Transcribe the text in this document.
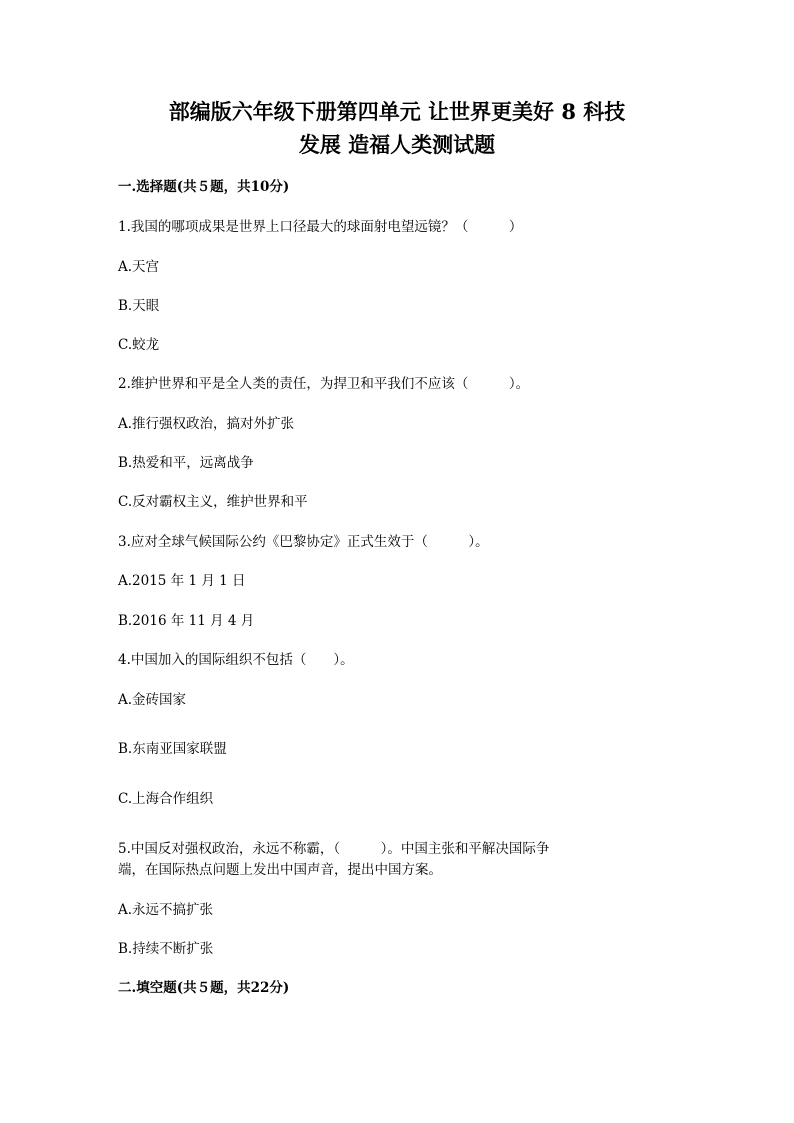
部编版六年级下册第四单元 让世界更美好 8 科技
发展 造福人类测试题
一.选择题(共５题，共10分)
1.我国的哪项成果是世界上口径最大的球面射电望远镜？（　　　）
A.天宫
B.天眼
C.蛟龙
2.维护世界和平是全人类的责任，为捍卫和平我们不应该（　　　）。
A.推行强权政治，搞对外扩张
B.热爱和平，远离战争
C.反对霸权主义，维护世界和平
3.应对全球气候国际公约《巴黎协定》正式生效于（　　　）。
A.2015 年 1 月 1 日
B.2016 年 11 月 4 月
4.中国加入的国际组织不包括（　　）。
A.金砖国家
B.东南亚国家联盟
C.上海合作组织
5.中国反对强权政治，永远不称霸，（　　　）。中国主张和平解决国际争
端，在国际热点问题上发出中国声音，提出中国方案。
A.永远不搞扩张
B.持续不断扩张
二.填空题(共５题，共22分)
